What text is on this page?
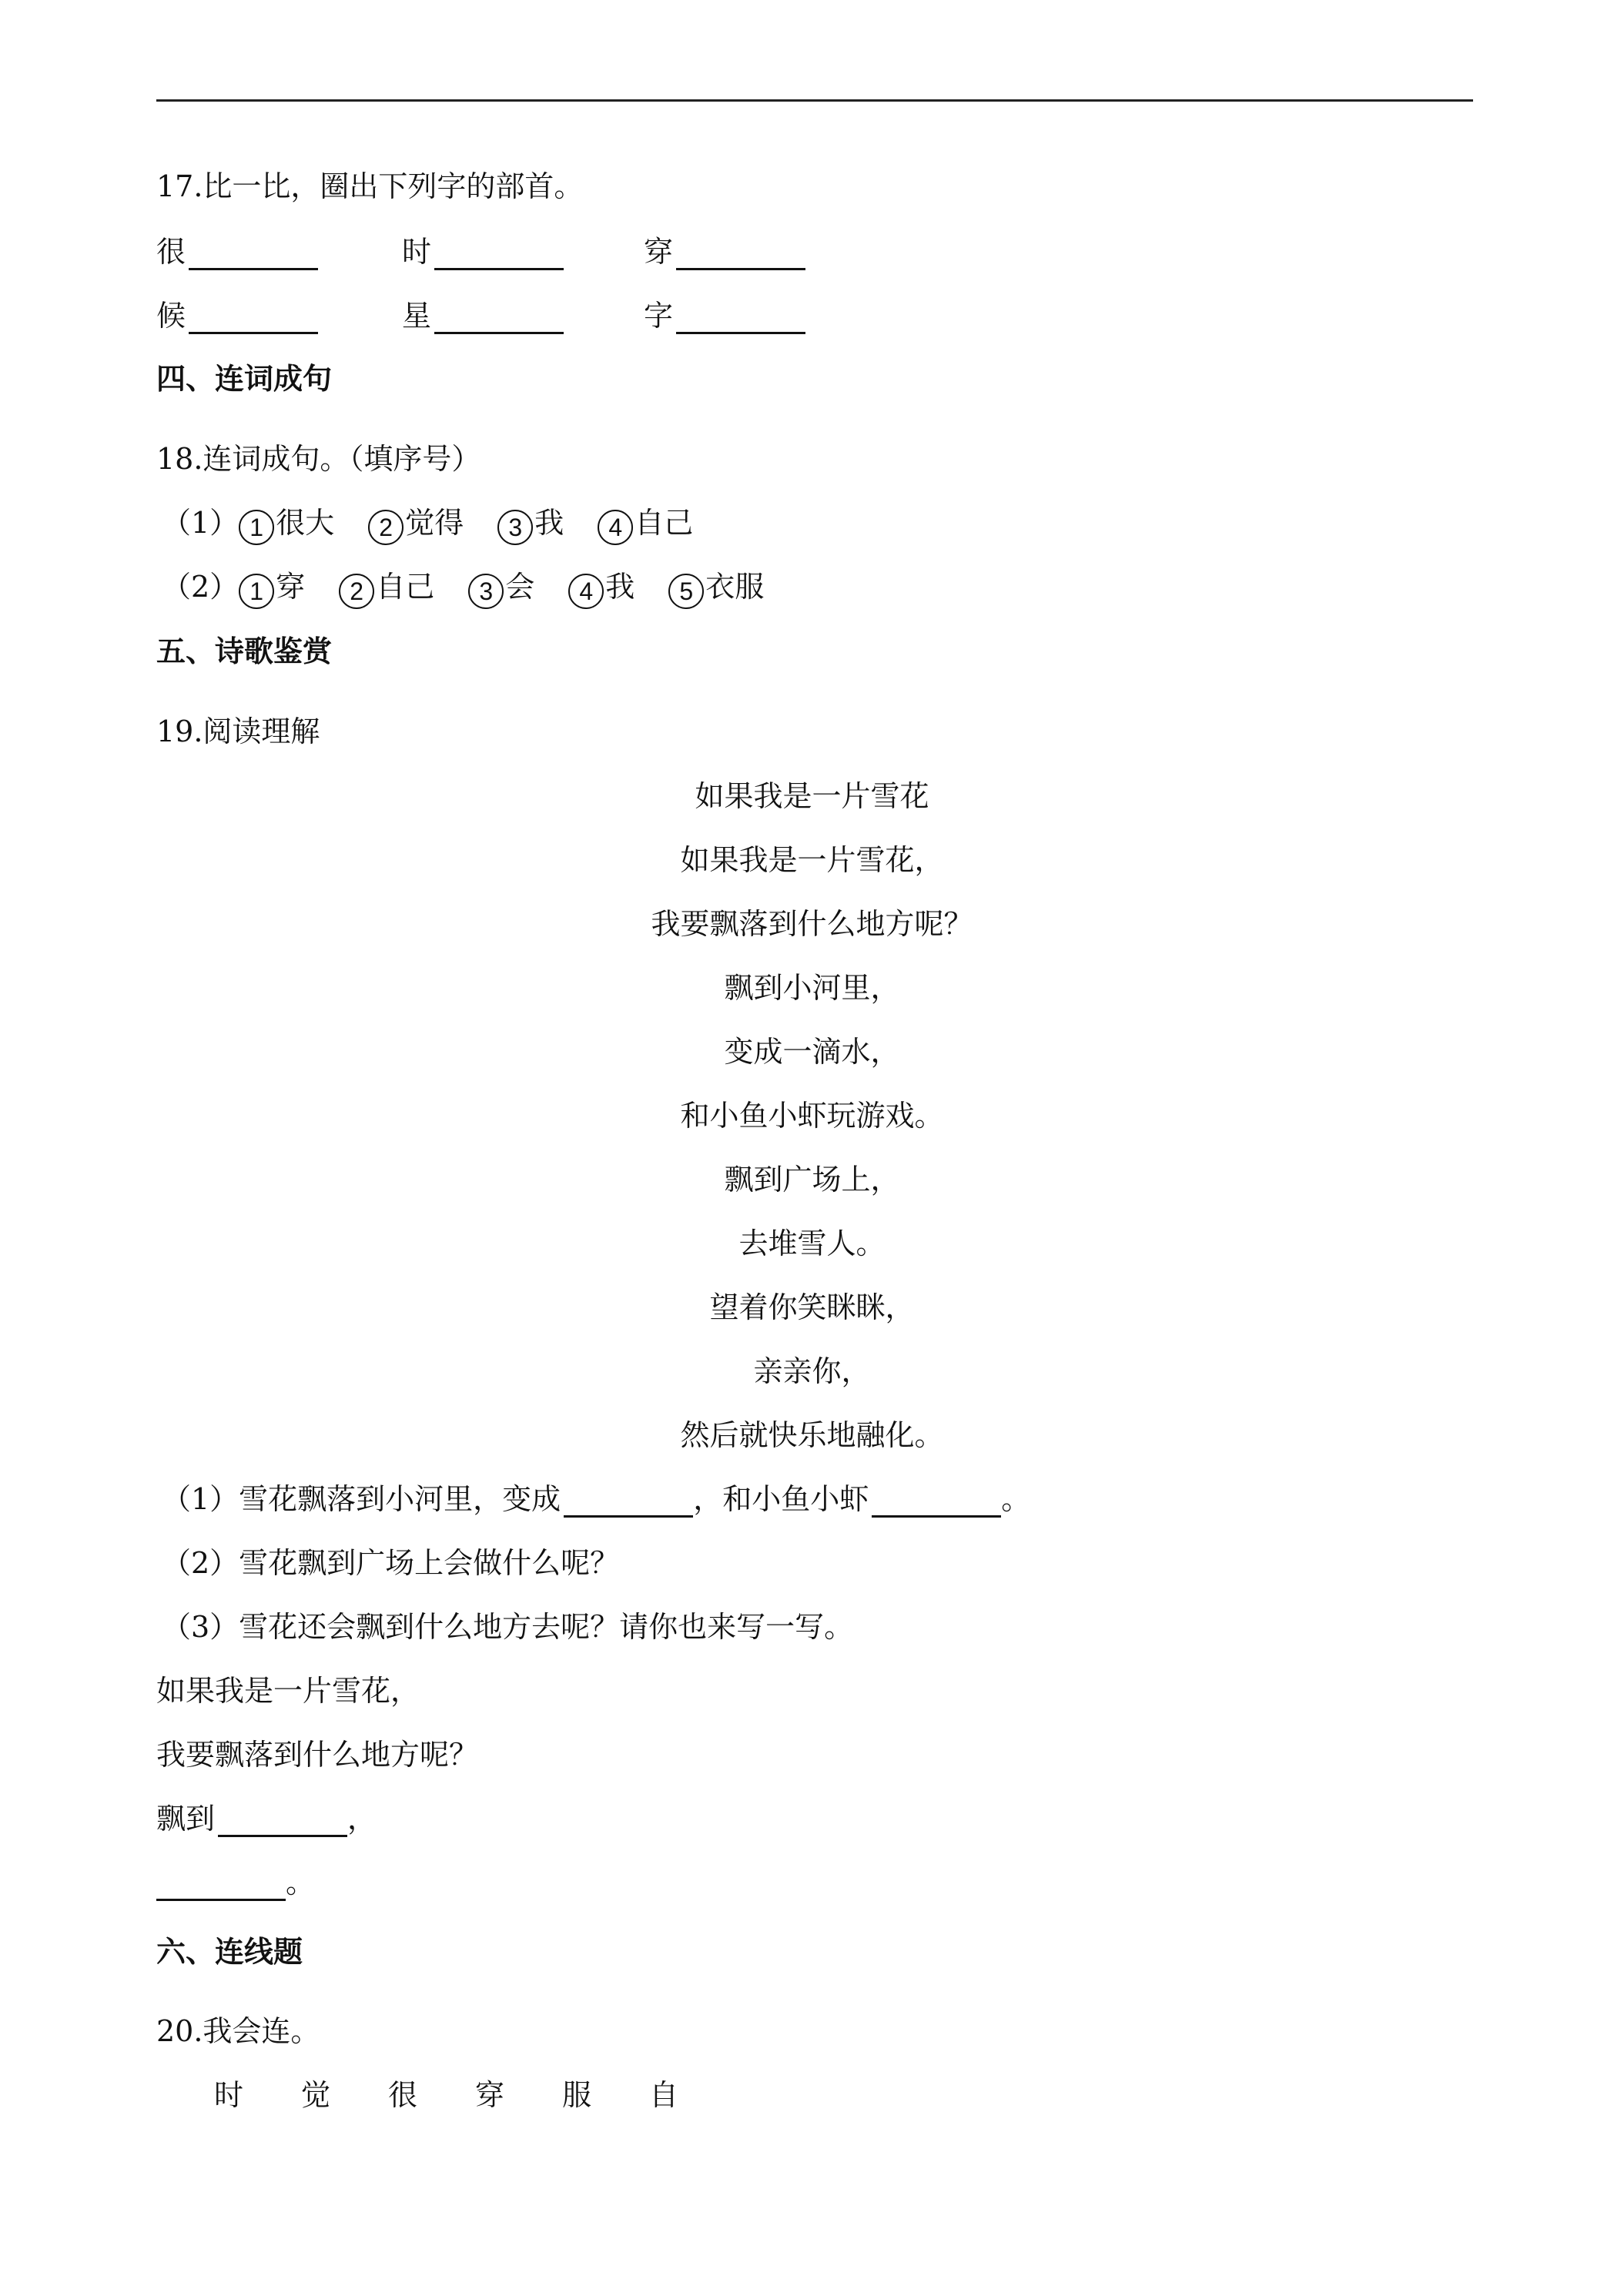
17.比一比，圈出下列字的部首。
很	时	穿
候	星	字
四、连词成句
18.连词成句。（填序号）
（1） 1 很大 2 觉得 3 我 4 自己
（2） 1 穿 2 自己 3 会 4 我 5 衣服
五、诗歌鉴赏
19.阅读理解
如果我是一片雪花
如果我是一片雪花，
我要飘落到什么地方呢？
飘到小河里，
变成一滴水，
和小鱼小虾玩游戏。
飘到广场上，
去堆雪人。
望着你笑眯眯，
亲亲你，
然后就快乐地融化。
（1）雪花飘落到小河里，变成	，和小鱼小虾	。
（2）雪花飘到广场上会做什么呢？
（3）雪花还会飘到什么地方去呢？请你也来写一写。
如果我是一片雪花，
我要飘落到什么地方呢？
飘到	，
。
六、连线题
20.我会连。
时 觉 很 穿 服 自
